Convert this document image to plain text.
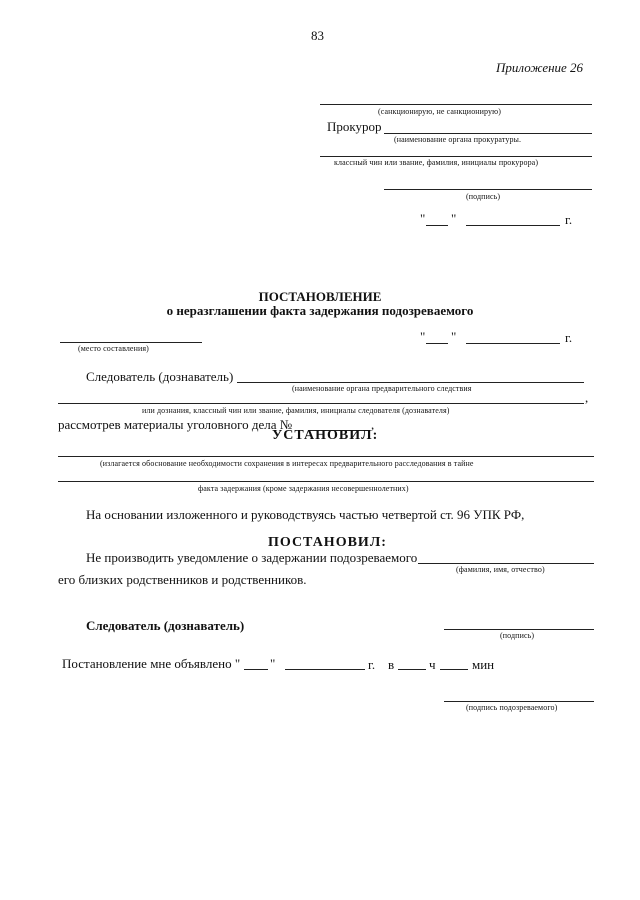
83
Приложение 26
(санкционирую, не санкционирую)
Прокурор
(наименование органа прокуратуры.
классный чин или звание, фамилия, инициалы прокурора)
(подпись)
" "	г.
ПОСТАНОВЛЕНИЕ
о неразглашении факта задержания подозреваемого
(место составления)
" "	г.
Следователь (дознаватель)
(наименование органа предварительного следствия
,
или дознания, классный чин или звание, фамилия, инициалы следователя (дознавателя)
рассмотрев материалы уголовного дела №	,
УСТАНОВИЛ:
(излагается обоснование необходимости сохранения в интересах предварительного расследования в тайне
факта задержания (кроме задержания несовершеннолетних)
На основании изложенного и руководствуясь частью четвертой ст. 96 УПК РФ,
ПОСТАНОВИЛ:
Не производить уведомление о задержании подозреваемого
(фамилия, имя, отчество)
его близких родственников и родственников.
Следователь (дознаватель)
(подпись)
Постановление мне объявлено " "	г. в	ч	мин
(подпись подозреваемого)
